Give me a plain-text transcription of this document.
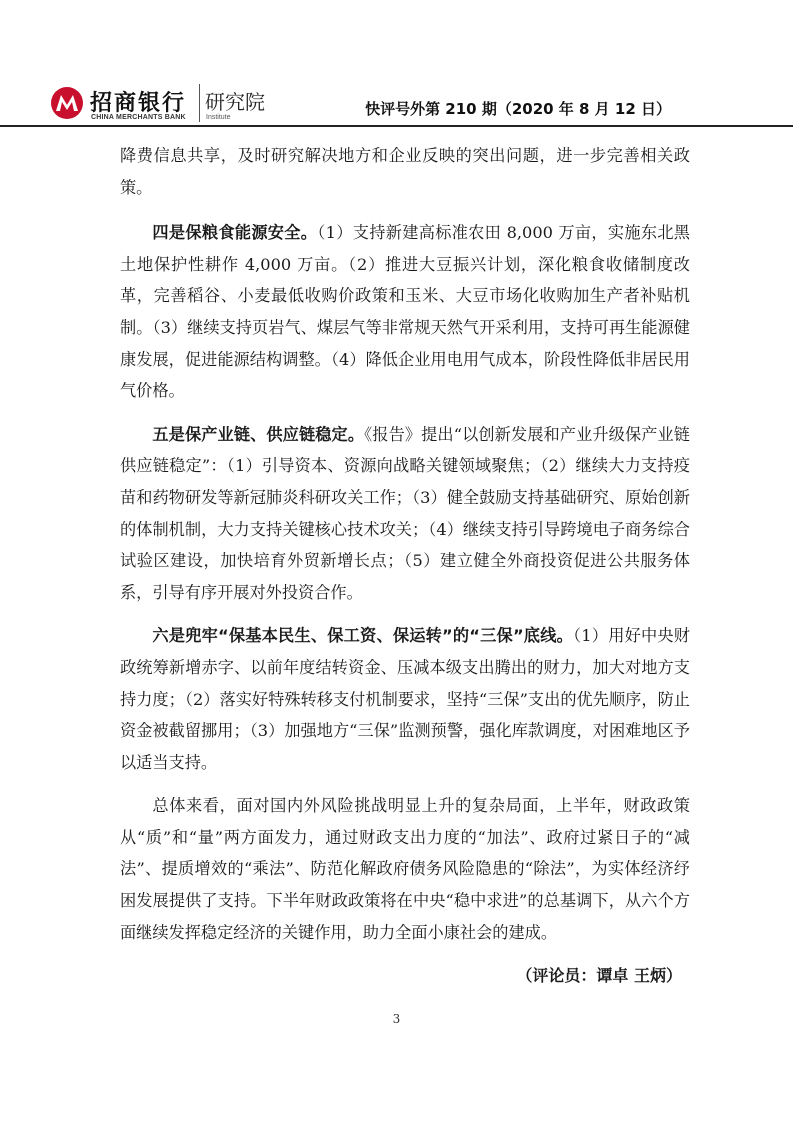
招商银行
CHINA MERCHANTS BANK
研究院
Institute	快评号外第 210 期（2020 年 8 月 12 日）

降费信息共享，及时研究解决地方和企业反映的突出问题，进一步完善相关政策。

四是保粮食能源安全。（1）支持新建高标准农田 8,000 万亩，实施东北黑土地保护性耕作 4,000 万亩。（2）推进大豆振兴计划，深化粮食收储制度改革，完善稻谷、小麦最低收购价政策和玉米、大豆市场化收购加生产者补贴机制。（3）继续支持页岩气、煤层气等非常规天然气开采利用，支持可再生能源健康发展，促进能源结构调整。（4）降低企业用电用气成本，阶段性降低非居民用气价格。

五是保产业链、供应链稳定。《报告》提出“以创新发展和产业升级保产业链供应链稳定”：（1）引导资本、资源向战略关键领域聚焦；（2）继续大力支持疫苗和药物研发等新冠肺炎科研攻关工作；（3）健全鼓励支持基础研究、原始创新的体制机制，大力支持关键核心技术攻关；（4）继续支持引导跨境电子商务综合试验区建设，加快培育外贸新增长点；（5）建立健全外商投资促进公共服务体系，引导有序开展对外投资合作。

六是兜牢“保基本民生、保工资、保运转”的“三保”底线。（1）用好中央财政统筹新增赤字、以前年度结转资金、压减本级支出腾出的财力，加大对地方支持力度；（2）落实好特殊转移支付机制要求，坚持“三保”支出的优先顺序，防止资金被截留挪用；（3）加强地方“三保”监测预警，强化库款调度，对困难地区予以适当支持。

总体来看，面对国内外风险挑战明显上升的复杂局面，上半年，财政政策从“质”和“量”两方面发力，通过财政支出力度的“加法”、政府过紧日子的“减法”、提质增效的“乘法”、防范化解政府债务风险隐患的“除法”，为实体经济纾困发展提供了支持。下半年财政政策将在中央“稳中求进”的总基调下，从六个方面继续发挥稳定经济的关键作用，助力全面小康社会的建成。

（评论员：谭卓 王炳）
3
